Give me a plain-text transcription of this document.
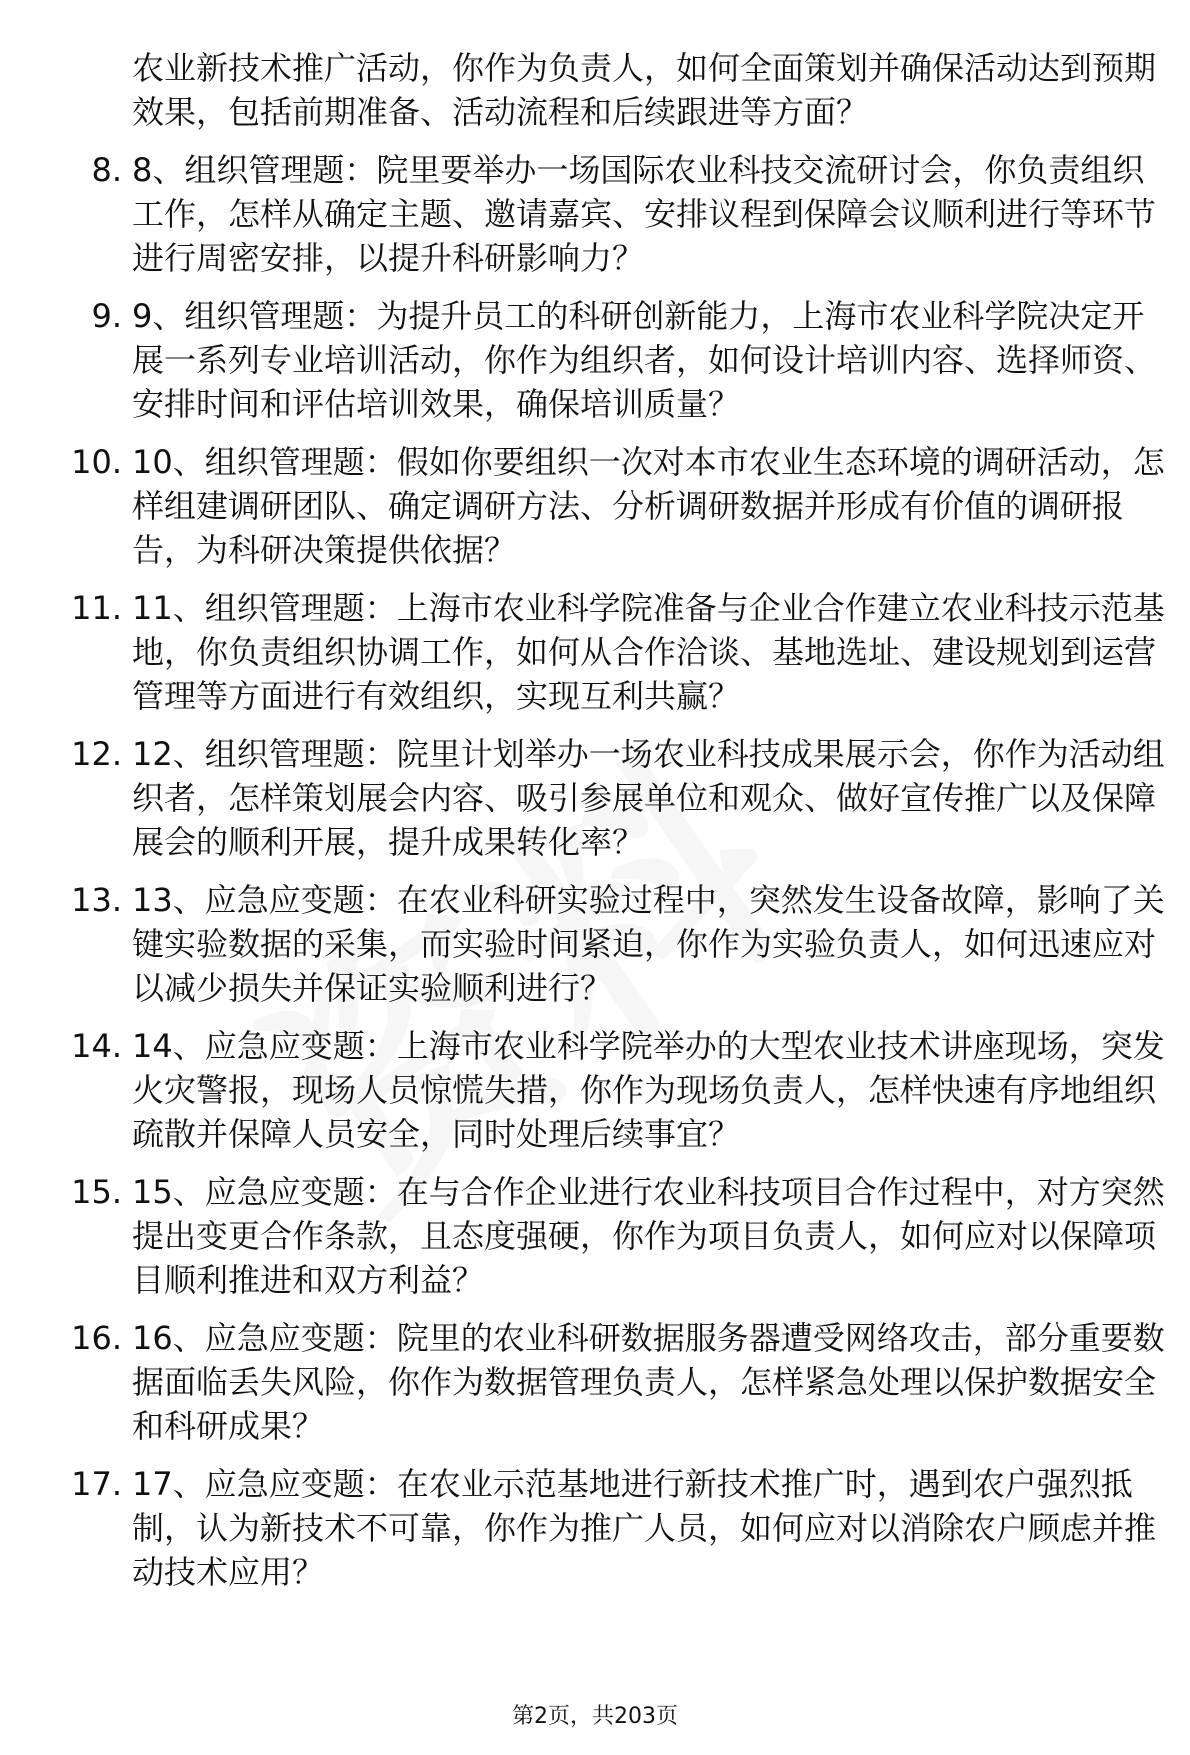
农业新技术推广活动，你作为负责人，如何全面策划并确保活动达到预期效果，包括前期准备、活动流程和后续跟进等方面？

8. 8、组织管理题：院里要举办一场国际农业科技交流研讨会，你负责组织工作，怎样从确定主题、邀请嘉宾、安排议程到保障会议顺利进行等环节进行周密安排，以提升科研影响力？
9. 9、组织管理题：为提升员工的科研创新能力，上海市农业科学院决定开展一系列专业培训活动，你作为组织者，如何设计培训内容、选择师资、安排时间和评估培训效果，确保培训质量？
10. 10、组织管理题：假如你要组织一次对本市农业生态环境的调研活动，怎样组建调研团队、确定调研方法、分析调研数据并形成有价值的调研报告，为科研决策提供依据？
11. 11、组织管理题：上海市农业科学院准备与企业合作建立农业科技示范基地，你负责组织协调工作，如何从合作洽谈、基地选址、建设规划到运营管理等方面进行有效组织，实现互利共赢？
12. 12、组织管理题：院里计划举办一场农业科技成果展示会，你作为活动组织者，怎样策划展会内容、吸引参展单位和观众、做好宣传推广以及保障展会的顺利开展，提升成果转化率？
13. 13、应急应变题：在农业科研实验过程中，突然发生设备故障，影响了关键实验数据的采集，而实验时间紧迫，你作为实验负责人，如何迅速应对以减少损失并保证实验顺利进行？
14. 14、应急应变题：上海市农业科学院举办的大型农业技术讲座现场，突发火灾警报，现场人员惊慌失措，你作为现场负责人，怎样快速有序地组织疏散并保障人员安全，同时处理后续事宜？
15. 15、应急应变题：在与合作企业进行农业科技项目合作过程中，对方突然提出变更合作条款，且态度强硬，你作为项目负责人，如何应对以保障项目顺利推进和双方利益？
16. 16、应急应变题：院里的农业科研数据服务器遭受网络攻击，部分重要数据面临丢失风险，你作为数据管理负责人，怎样紧急处理以保护数据安全和科研成果？
17. 17、应急应变题：在农业示范基地进行新技术推广时，遇到农户强烈抵制，认为新技术不可靠，你作为推广人员，如何应对以消除农户顾虑并推动技术应用？
第2页，共203页
